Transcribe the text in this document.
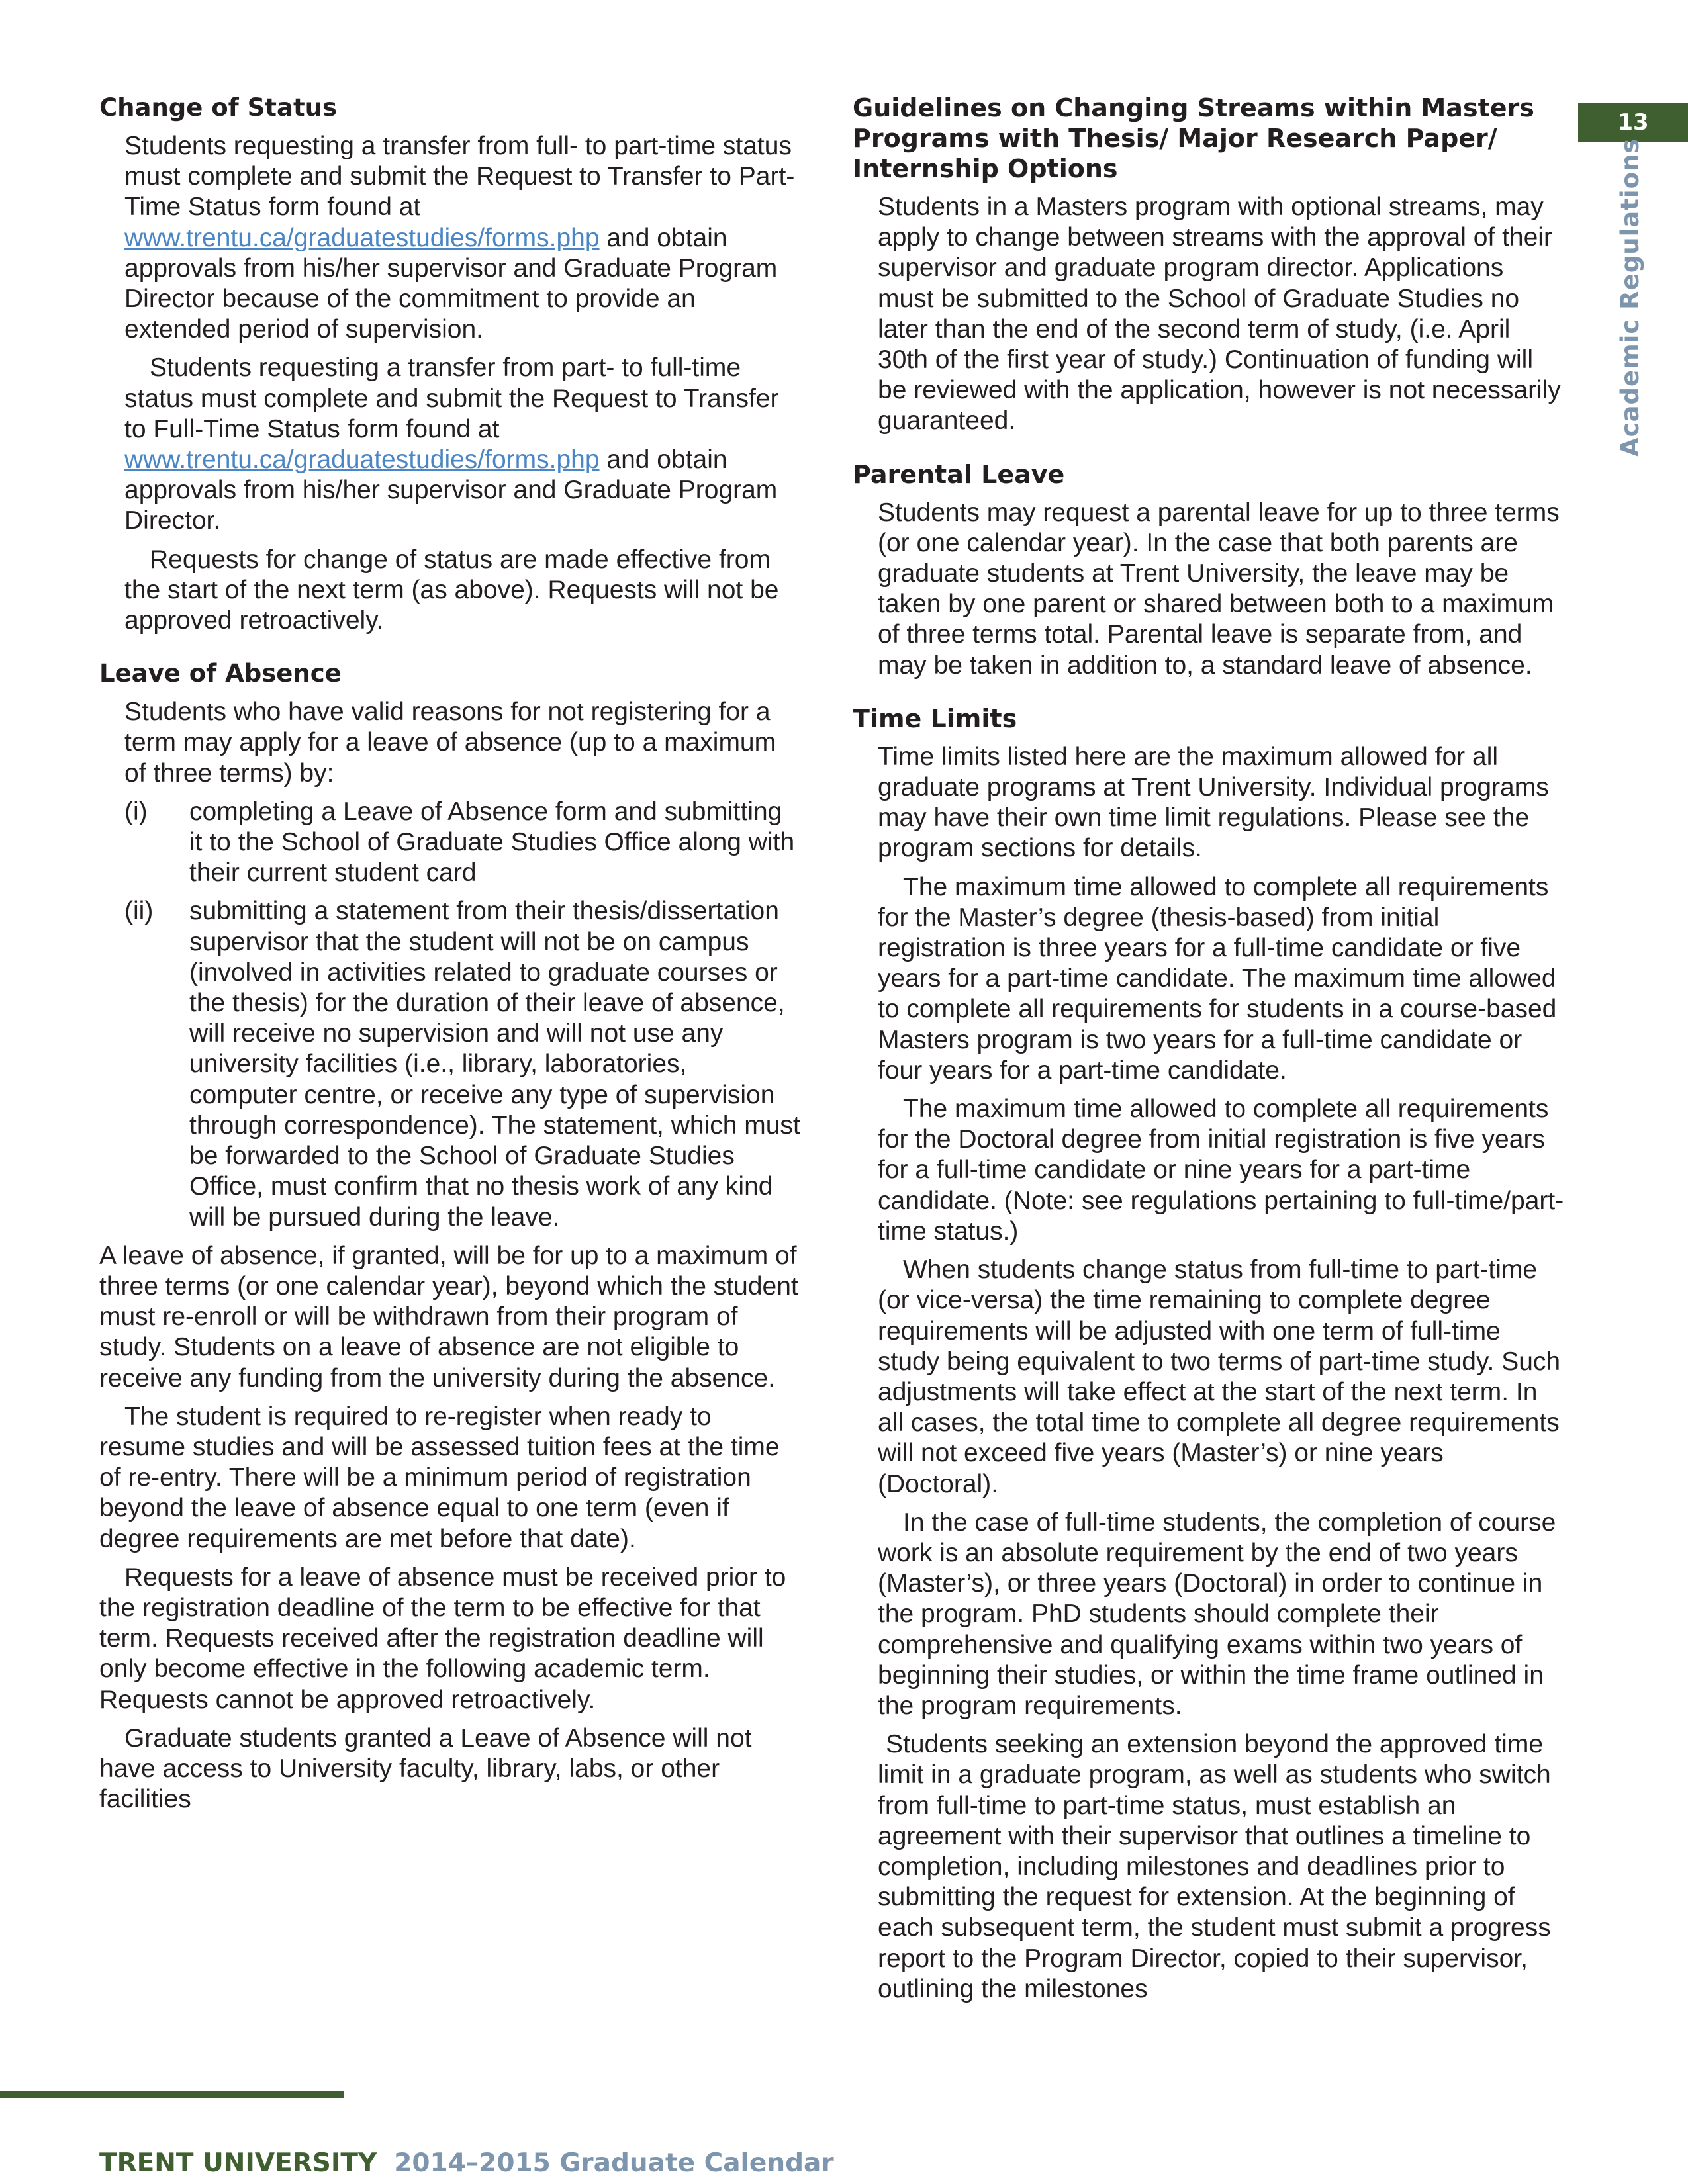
13
Academic Regulations
Change of Status

Students requesting a transfer from full- to part-time status must complete and submit the Request to Transfer to Part-Time Status form found at www.trentu.ca/graduatestudies/forms.php and obtain approvals from his/her supervisor and Graduate Program Director because of the commitment to provide an extended period of supervision.

Students requesting a transfer from part- to full-time status must complete and submit the Request to Transfer to Full-Time Status form found at www.trentu.ca/graduatestudies/forms.php and obtain approvals from his/her supervisor and Graduate Program Director.

Requests for change of status are made effective from the start of the next term (as above). Requests will not be approved retroactively.

Leave of Absence

Students who have valid reasons for not registering for a term may apply for a leave of absence (up to a maximum of three terms) by:

(i) completing a Leave of Absence form and submitting it to the School of Graduate Studies Office along with their current student card
(ii) submitting a statement from their thesis/dissertation supervisor that the student will not be on campus (involved in activities related to graduate courses or the thesis) for the duration of their leave of absence, will receive no supervision and will not use any university facilities (i.e., library, laboratories, computer centre, or receive any type of supervision through correspondence). The statement, which must be forwarded to the School of Graduate Studies Office, must confirm that no thesis work of any kind will be pursued during the leave.

A leave of absence, if granted, will be for up to a maximum of three terms (or one calendar year), beyond which the student must re-enroll or will be withdrawn from their program of study. Students on a leave of absence are not eligible to receive any funding from the university during the absence.

The student is required to re-register when ready to resume studies and will be assessed tuition fees at the time of re-entry. There will be a minimum period of registration beyond the leave of absence equal to one term (even if degree requirements are met before that date).

Requests for a leave of absence must be received prior to the registration deadline of the term to be effective for that term. Requests received after the registration deadline will only become effective in the following academic term. Requests cannot be approved retroactively.

Graduate students granted a Leave of Absence will not have access to University faculty, library, labs, or other facilities

Guidelines on Changing Streams within Masters Programs with Thesis/ Major Research Paper/ Internship Options

Students in a Masters program with optional streams, may apply to change between streams with the approval of their supervisor and graduate program director. Applications must be submitted to the School of Graduate Studies no later than the end of the second term of study, (i.e. April 30th of the first year of study.) Continuation of funding will be reviewed with the application, however is not necessarily guaranteed.

Parental Leave

Students may request a parental leave for up to three terms (or one calendar year). In the case that both parents are graduate students at Trent University, the leave may be taken by one parent or shared between both to a maximum of three terms total. Parental leave is separate from, and may be taken in addition to, a standard leave of absence.

Time Limits

Time limits listed here are the maximum allowed for all graduate programs at Trent University. Individual programs may have their own time limit regulations. Please see the program sections for details.

The maximum time allowed to complete all requirements for the Master’s degree (thesis-based) from initial registration is three years for a full-time candidate or five years for a part-time candidate. The maximum time allowed to complete all requirements for students in a course-based Masters program is two years for a full-time candidate or four years for a part-time candidate.

The maximum time allowed to complete all requirements for the Doctoral degree from initial registration is five years for a full-time candidate or nine years for a part-time candidate. (Note: see regulations pertaining to full-time/part-time status.)

When students change status from full-time to part-time (or vice-versa) the time remaining to complete degree requirements will be adjusted with one term of full-time study being equivalent to two terms of part-time study. Such adjustments will take effect at the start of the next term. In all cases, the total time to complete all degree requirements will not exceed five years (Master’s) or nine years (Doctoral).

In the case of full-time students, the completion of course work is an absolute requirement by the end of two years (Master’s), or three years (Doctoral) in order to continue in the program. PhD students should complete their comprehensive and qualifying exams within two years of beginning their studies, or within the time frame outlined in the program requirements.

Students seeking an extension beyond the approved time limit in a graduate program, as well as students who switch from full-time to part-time status, must establish an agreement with their supervisor that outlines a timeline to completion, including milestones and deadlines prior to submitting the request for extension. At the beginning of each subsequent term, the student must submit a progress report to the Program Director, copied to their supervisor, outlining the milestones

TRENT UNIVERSITY 2014–2015 Graduate Calendar
